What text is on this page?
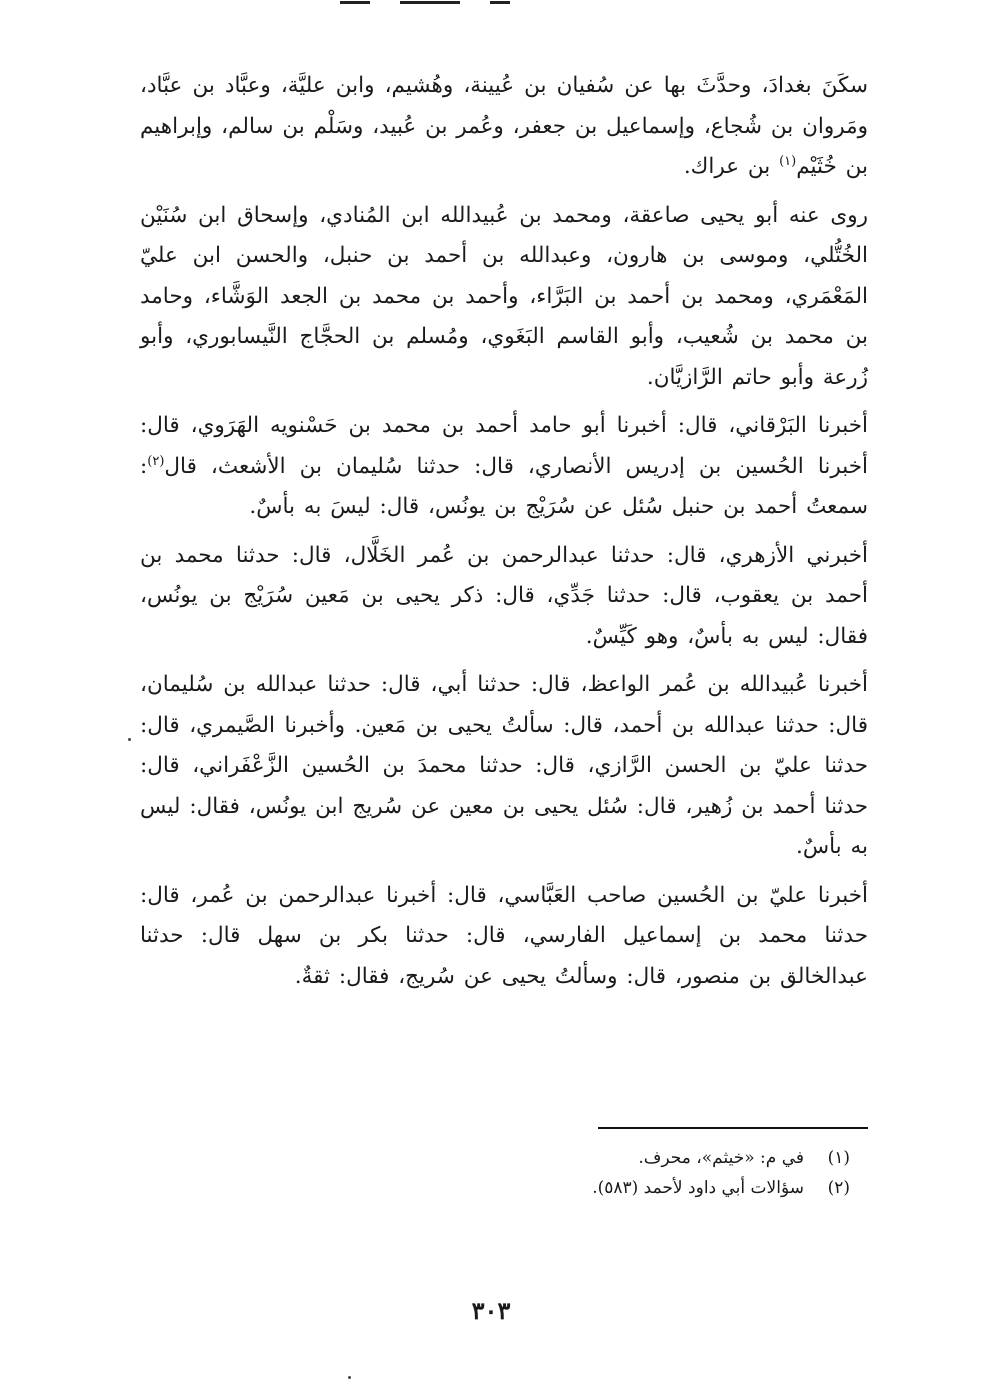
سكَنَ بغدادَ، وحدَّثَ بها عن سُفيان بن عُيينة، وهُشيم، وابن عليَّة، وعبَّاد بن عبَّاد، ومَروان بن شُجاع، وإسماعيل بن جعفر، وعُمر بن عُبيد، وسَلْم بن سالم، وإبراهيم بن خُثَيْم$^{(١)}$ بن عراك.

روى عنه أبو يحيى صاعقة، ومحمد بن عُبيدالله ابن المُنادي، وإسحاق ابن سُنَيْن الخُتُّلي، وموسى بن هارون، وعبدالله بن أحمد بن حنبل، والحسن ابن عليّ المَعْمَري، ومحمد بن أحمد بن البَرَّاء، وأحمد بن محمد بن الجعد الوَشَّاء، وحامد بن محمد بن شُعيب، وأبو القاسم البَغَوي، ومُسلم بن الحجَّاج النَّيسابوري، وأبو زُرعة وأبو حاتم الرَّازيَّان.

أخبرنا البَرْقاني، قال: أخبرنا أبو حامد أحمد بن محمد بن حَسْنويه الهَرَوي، قال: أخبرنا الحُسين بن إدريس الأنصاري، قال: حدثنا سُليمان بن الأشعث، قال$^{(٢)}$: سمعتُ أحمد بن حنبل سُئل عن سُرَيْج بن يونُس، قال: ليسَ به بأسٌ.

أخبرني الأزهري، قال: حدثنا عبدالرحمن بن عُمر الخَلَّال، قال: حدثنا محمد بن أحمد بن يعقوب، قال: حدثنا جَدِّي، قال: ذكر يحيى بن مَعين سُرَيْج بن يونُس، فقال: ليس به بأسٌ، وهو كَيِّسٌ.

أخبرنا عُبيدالله بن عُمر الواعظ، قال: حدثنا أبي، قال: حدثنا عبدالله بن سُليمان، قال: حدثنا عبدالله بن أحمد، قال: سألتُ يحيى بن مَعين. وأخبرنا الصَّيمري، قال: حدثنا عليّ بن الحسن الرَّازي، قال: حدثنا محمدَ بن الحُسين الزَّعْفَراني، قال: حدثنا أحمد بن زُهير، قال: سُئل يحيى بن معين عن سُريج ابن يونُس، فقال: ليس به بأسٌ.

أخبرنا عليّ بن الحُسين صاحب العَبَّاسي، قال: أخبرنا عبدالرحمن بن عُمر، قال: حدثنا محمد بن إسماعيل الفارسي، قال: حدثنا بكر بن سهل قال: حدثنا عبدالخالق بن منصور، قال: وسألتُ يحيى عن سُريج، فقال: ثقةٌ.

(١)في م: «خيثم»، محرف.

(٢)سؤالات أبي داود لأحمد (٥٨٣).

٣٠٣
